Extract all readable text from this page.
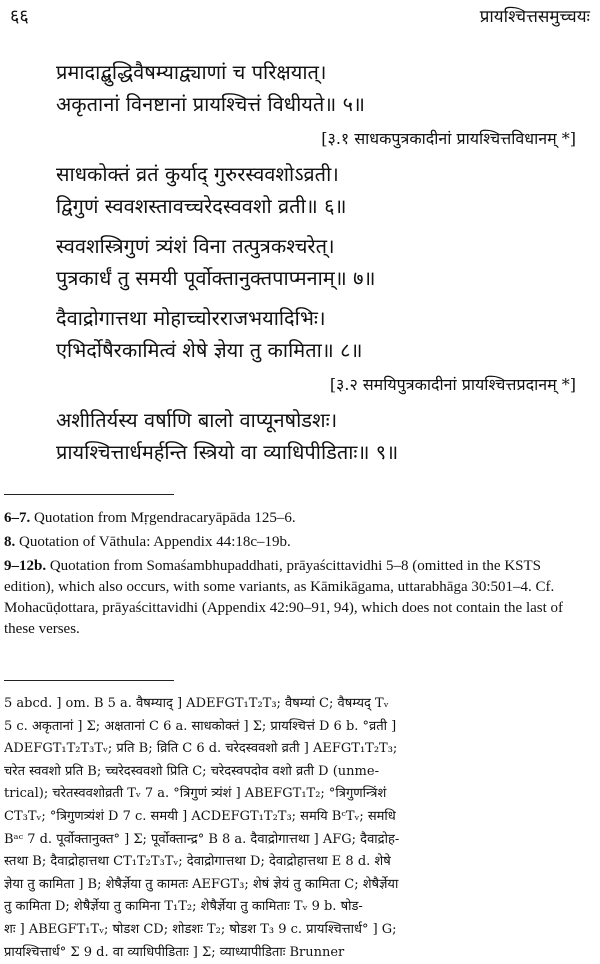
६६	प्रायश्चित्तसमुच्चयः
प्रमादाद्बुद्धिवैषम्याद्व्याणां च परिक्षयात्।
अकृतानां विनष्टानां प्रायश्चित्तं विधीयते॥ ५॥
[३.१ साधकपुत्रकादीनां प्रायश्चित्तविधानम् *]
साधकोक्तं व्रतं कुर्याद् गुरुरस्ववशोऽव्रती।
द्विगुणं स्ववशस्तावच्चरेदस्ववशो व्रती॥ ६॥
स्ववशस्त्रिगुणं त्र्यंशं विना तत्पुत्रकश्चरेत्।
पुत्रकार्धं तु समयी पूर्वोक्तानुक्तपाप्मनाम्॥ ७॥
दैवाद्रोगात्तथा मोहाच्चोरराजभयादिभिः।
एभिर्दोषैरकामित्वं शेषे ज्ञेया तु कामिता॥ ८॥
[३.२ समयिपुत्रकादीनां प्रायश्चित्तप्रदानम् *]
अशीतिर्यस्य वर्षाणि बालो वाप्यूनषोडशः।
प्रायश्चित्तार्धमर्हन्ति स्त्रियो वा व्याधिपीडिताः॥ ९॥

6–7. Quotation from Mṛgendracaryāpāda 125–6.

8. Quotation of Vāthula: Appendix 44:18c–19b.

9–12b. Quotation from Somaśambhupaddhati, prāyaścittavidhi 5–8 (omitted in the KSTS edition), which also occurs, with some variants, as Kāmikāgama, uttarabhāga 30:501–4. Cf. Mohacūḍottara, prāyaścittavidhi (Appendix 42:90–91, 94), which does not contain the last of these verses.

5 abcd. ] om. B 5 a. वैषम्याद् ] ADEFGT₁T₂T₃; वैषम्यां C; वैषम्यद् Tᵥ
5 c. अकृतानां ] Σ; अक्षतानां C 6 a. साधकोक्तं ] Σ; प्रायश्चित्तं D 6 b. °व्रती ]
ADEFGT₁T₂T₃Tᵥ; प्रति B; व्रिति C 6 d. चरेदस्ववशो व्रती ] AEFGT₁T₂T₃;
चरेत स्ववशो प्रति B; च्चरेदस्ववशो प्रिति C; चरेदस्वपदोव वशो व्रती D (unme-
trical); चरेतस्ववशोव्रती Tᵥ 7 a. °त्रिगुणं त्र्यंशं ] ABEFGT₁T₂; °त्रिगुणन्त्रिंशं
CT₃Tᵥ; °त्रिगुणत्र्यंशं D 7 c. समयी ] ACDEFGT₁T₂T₃; समयि BᶜTᵥ; समधि
Bᵃᶜ 7 d. पूर्वोक्तानुक्त° ] Σ; पूर्वोक्तान्द्र° B 8 a. दैवाद्रोगात्तथा ] AFG; दैवाद्रोह-
स्तथा B; दैवाद्रोहात्तथा CT₁T₂T₃Tᵥ; देवाद्रोगात्तथा D; देवाद्रोहात्तथा E 8 d. शेषे
ज्ञेया तु कामिता ] B; शेषैर्ज्ञेया तु कामतः AEFGT₃; शेषं ज्ञेयं तु कामिता C; शेषैर्ज्ञेया
तु कामिता D; शेषैर्ज्ञेया तु कामिना T₁T₂; शेषैर्ज्ञेया तु कामिताः Tᵥ 9 b. षोड-
शः ] ABEGFT₁Tᵥ; षोडश CD; शोडशः T₂; षोडश T₃ 9 c. प्रायश्चित्तार्ध° ] G;
प्रायश्चित्तार्ध° Σ 9 d. वा व्याधिपीडिताः ] Σ; व्याध्यापीडिताः Brunner
